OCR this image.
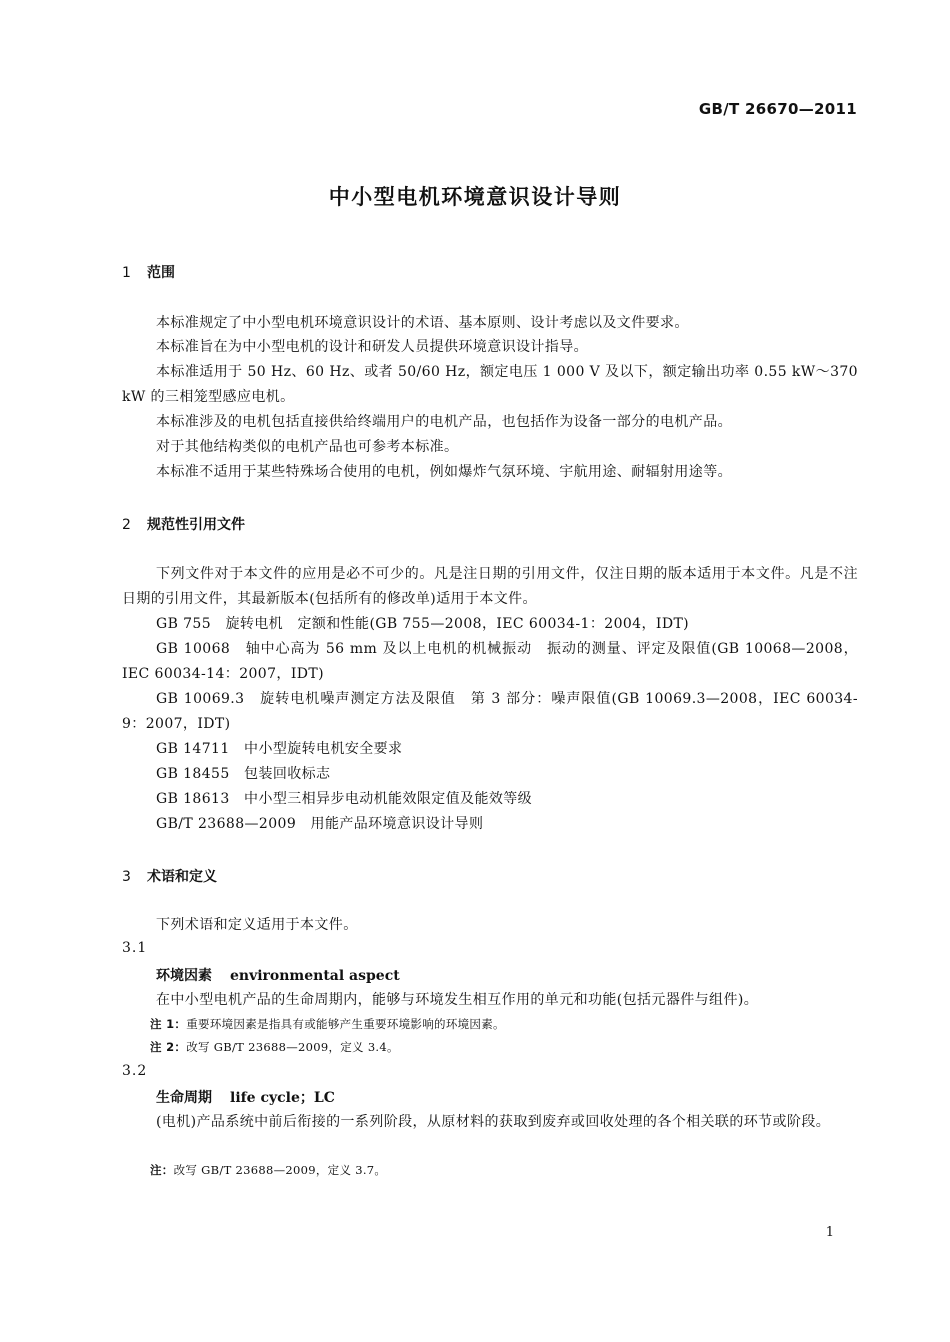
GB/T 26670—2011
中小型电机环境意识设计导则
1 范围
本标准规定了中小型电机环境意识设计的术语、基本原则、设计考虑以及文件要求。
本标准旨在为中小型电机的设计和研发人员提供环境意识设计指导。
本标准适用于 50 Hz、60 Hz、或者 50/60 Hz，额定电压 1 000 V 及以下，额定输出功率 0.55 kW～370 kW 的三相笼型感应电机。
本标准涉及的电机包括直接供给终端用户的电机产品，也包括作为设备一部分的电机产品。
对于其他结构类似的电机产品也可参考本标准。
本标准不适用于某些特殊场合使用的电机，例如爆炸气氛环境、宇航用途、耐辐射用途等。
2 规范性引用文件
下列文件对于本文件的应用是必不可少的。凡是注日期的引用文件，仅注日期的版本适用于本文件。凡是不注日期的引用文件，其最新版本(包括所有的修改单)适用于本文件。
GB 755　旋转电机　定额和性能(GB 755—2008，IEC 60034-1：2004，IDT)
GB 10068　轴中心高为 56 mm 及以上电机的机械振动　振动的测量、评定及限值(GB 10068—2008，IEC 60034-14：2007，IDT)
GB 10069.3　旋转电机噪声测定方法及限值　第 3 部分：噪声限值(GB 10069.3—2008，IEC 60034-9：2007，IDT)
GB 14711　中小型旋转电机安全要求
GB 18455　包装回收标志
GB 18613　中小型三相异步电动机能效限定值及能效等级
GB/T 23688—2009　用能产品环境意识设计导则
3 术语和定义
下列术语和定义适用于本文件。
3.1
环境因素 environmental aspect
在中小型电机产品的生命周期内，能够与环境发生相互作用的单元和功能(包括元器件与组件)。
注 1：重要环境因素是指具有或能够产生重要环境影响的环境因素。
注 2：改写 GB/T 23688—2009，定义 3.4。
3.2
生命周期 life cycle；LC
(电机)产品系统中前后衔接的一系列阶段，从原材料的获取到废弃或回收处理的各个相关联的环节或阶段。
注：改写 GB/T 23688—2009，定义 3.7。
1
